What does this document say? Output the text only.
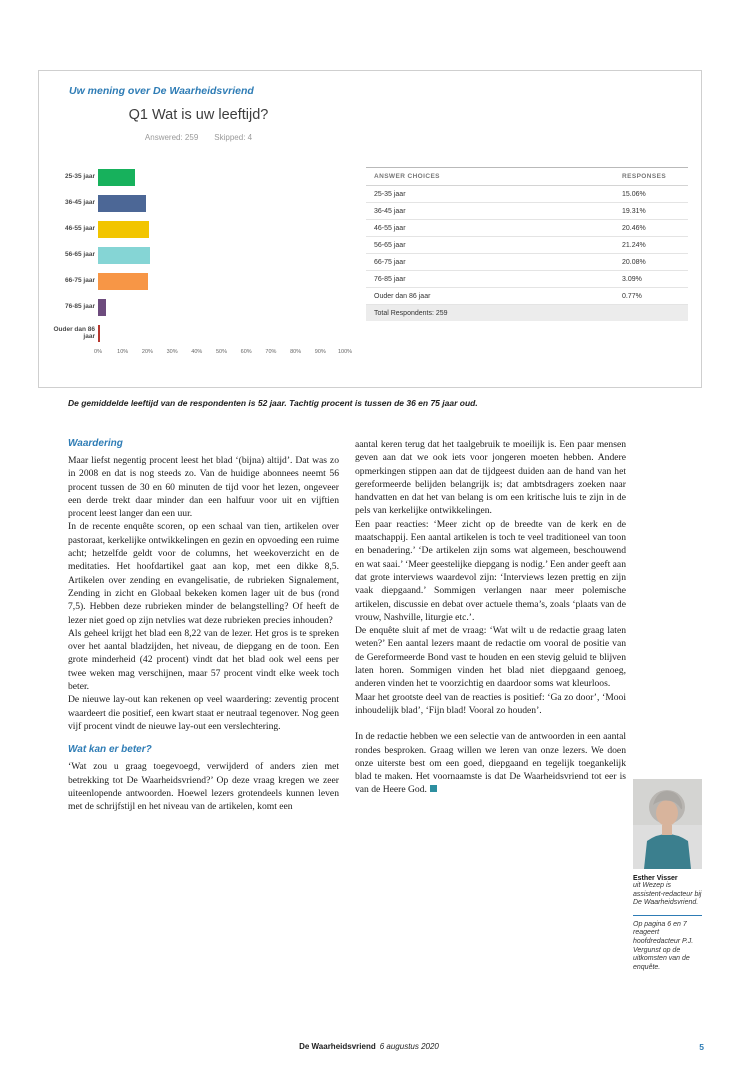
Uw mening over De Waarheidsvriend
Q1 Wat is uw leeftijd?
Answered: 259 Skipped: 4
25-35 jaar
36-45 jaar
46-55 jaar
56-65 jaar
66-75 jaar
76-85 jaar
Ouder dan 86 jaar
0%	10% 20% 30% 40% 50% 60% 70% 80% 90% 100%
ANSWER CHOICES	RESPONSES
25-35 jaar	15.06%
36-45 jaar	19.31%
46-55 jaar	20.46%
56-65 jaar	21.24%
66-75 jaar	20.08%
76-85 jaar	3.09%
Ouder dan 86 jaar	0.77%
Total Respondents: 259

De gemiddelde leeftijd van de respondenten is 52 jaar. Tachtig procent is tussen de 36 en 75 jaar oud.

Waardering

Maar liefst negentig procent leest het blad ‘(bijna) altijd’. Dat was zo in 2008 en dat is nog steeds zo. Van de huidige abonnees neemt 56 procent tussen de 30 en 60 minuten de tijd voor het lezen, ongeveer een derde trekt daar minder dan een halfuur voor uit en vijftien procent leest langer dan een uur.

In de recente enquête scoren, op een schaal van tien, artikelen over pastoraat, kerkelijke ontwikkelingen en gezin en opvoeding een ruime acht; hetzelfde geldt voor de columns, het weekoverzicht en de meditaties. Het hoofdartikel gaat aan kop, met een dikke 8,5. Artikelen over zending en evangelisatie, de rubrieken Signalement, Zending in zicht en Globaal bekeken komen lager uit de bus (rond 7,5). Hebben deze rubrieken minder de belangstelling? Of heeft de lezer niet goed op zijn netvlies wat deze rubrieken precies inhouden?

Als geheel krijgt het blad een 8,22 van de lezer. Het gros is te spreken over het aantal bladzijden, het niveau, de diepgang en de toon. Een grote minderheid (42 procent) vindt dat het blad ook wel eens per twee weken mag verschijnen, maar 57 procent vindt elke week toch beter.

De nieuwe lay-out kan rekenen op veel waardering: zeventig procent waardeert die positief, een kwart staat er neutraal tegenover. Nog geen vijf procent vindt de nieuwe lay-out een verslechtering.

Wat kan er beter?

‘Wat zou u graag toegevoegd, verwijderd of anders zien met betrekking tot De Waarheidsvriend?’ Op deze vraag kregen we zeer uiteenlopende antwoorden. Hoewel lezers grotendeels kunnen leven met de schrijfstijl en het niveau van de artikelen, komt een

aantal keren terug dat het taalgebruik te moeilijk is. Een paar mensen geven aan dat we ook iets voor jongeren moeten hebben. Andere opmerkingen stippen aan dat de tijdgeest duiden aan de hand van het gereformeerde belijden belangrijk is; dat ambtsdragers zoeken naar handvatten en dat het van belang is om een kritische luis te zijn in de pels van kerkelijke ontwikkelingen.

Een paar reacties: ‘Meer zicht op de breedte van de kerk en de maatschappij. Een aantal artikelen is toch te veel traditioneel van toon en benadering.’ ‘De artikelen zijn soms wat algemeen, beschouwend en wat saai.’ ‘Meer geestelijke diepgang is nodig.’ Een ander geeft aan dat grote interviews waardevol zijn: ‘Interviews lezen prettig en zijn vaak diepgaand.’ Sommigen verlangen naar meer polemische artikelen, discussie en debat over actuele thema’s, zoals ‘plaats van de vrouw, Nashville, liturgie etc.’.

De enquête sluit af met de vraag: ‘Wat wilt u de redactie graag laten weten?’ Een aantal lezers maant de redactie om vooral de positie van de Gereformeerde Bond vast te houden en een stevig geluid te blijven laten horen. Sommigen vinden het blad niet diepgaand genoeg, anderen vinden het te voorzichtig en daardoor soms wat kleurloos.

Maar het grootste deel van de reacties is positief: ‘Ga zo door’, ‘Mooi inhoudelijk blad’, ‘Fijn blad! Vooral zo houden’.

In de redactie hebben we een selectie van de antwoorden in een aantal rondes besproken. Graag willen we leren van onze lezers. We doen onze uiterste best om een goed, diepgaand en tegelijk toegankelijk blad te maken. Het voornaamste is dat De Waarheidsvriend tot eer is van de Heere God.

Esther Visser
uit Wezep is assistent-redacteur bij De Waarheidsvriend.
Op pagina 6 en 7 reageert hoofdredacteur P.J. Vergunst op de uitkomsten van de enquête.
De Waarheidsvriend 6 augustus 2020	5
